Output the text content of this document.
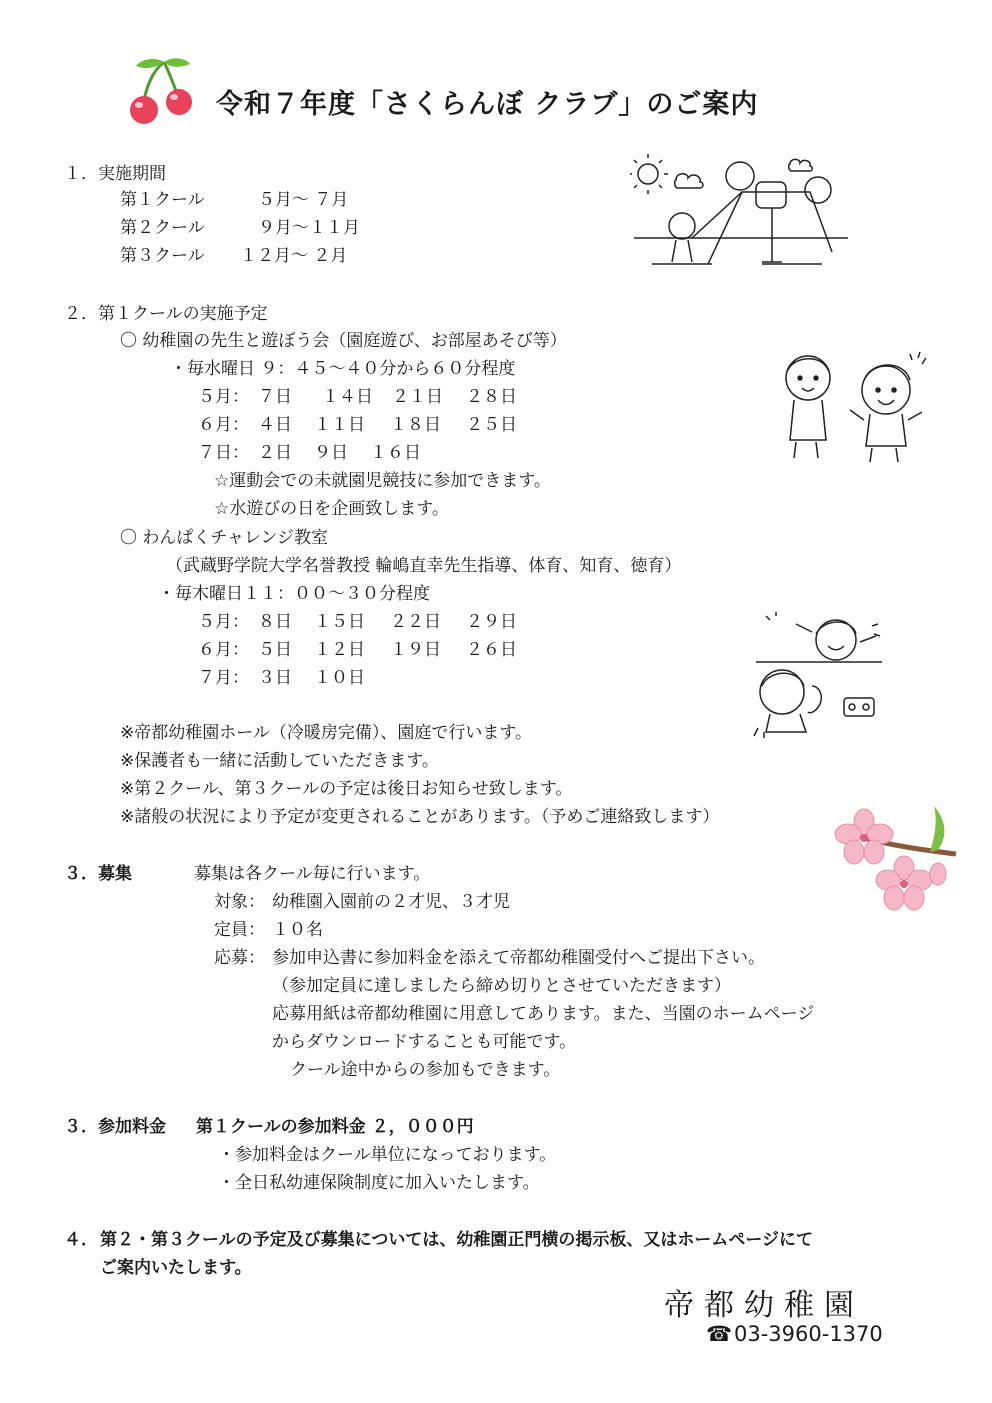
令和７年度「さくらんぼ クラブ」のご案内
１．実施期間
第１クール	５月～ ７月
第２クール	９月～１１月
第３クール １２月～ ２月
２．第１クールの実施予定
〇 幼稚園の先生と遊ぼう会（園庭遊び、お部屋あそび等）
・毎水曜日 ９：４５～４０分から６０分程度
５月： ７日 １４日 ２１日 ２８日
６月： ４日 １１日 １８日 ２５日
７日： ２日 ９日 １６日
☆運動会での未就園児競技に参加できます。
☆水遊びの日を企画致します。
〇 わんぱくチャレンジ教室
（武蔵野学院大学名誉教授 輪嶋直幸先生指導、体育、知育、徳育）
・毎木曜日１１：００～３０分程度
５月： ８日 １５日 ２２日 ２９日
６月： ５日 １２日 １９日 ２６日
７月： ３日 １０日
※帝都幼稚園ホール（冷暖房完備）、園庭で行います。
※保護者も一緒に活動していただきます。
※第２クール、第３クールの予定は後日お知らせ致します。
※諸般の状況により予定が変更されることがあります。（予めご連絡致します）
３．募集	募集は各クール毎に行います。
対象： 幼稚園入園前の２才児、３才児
定員： １０名
応募： 参加申込書に参加料金を添えて帝都幼稚園受付へご提出下さい。
（参加定員に達しましたら締め切りとさせていただきます）
応募用紙は帝都幼稚園に用意してあります。また、当園のホームページ
からダウンロードすることも可能です。
クール途中からの参加もできます。
３．参加料金 第１クールの参加料金 ２，０００円
・参加料金はクール単位になっております。
・全日私幼連保険制度に加入いたします。
４． 第２・第３クールの予定及び募集については、幼稚園正門横の掲示板、又はホームページにて
ご案内いたします。
帝都幼稚園
☎ 03-3960-1370
